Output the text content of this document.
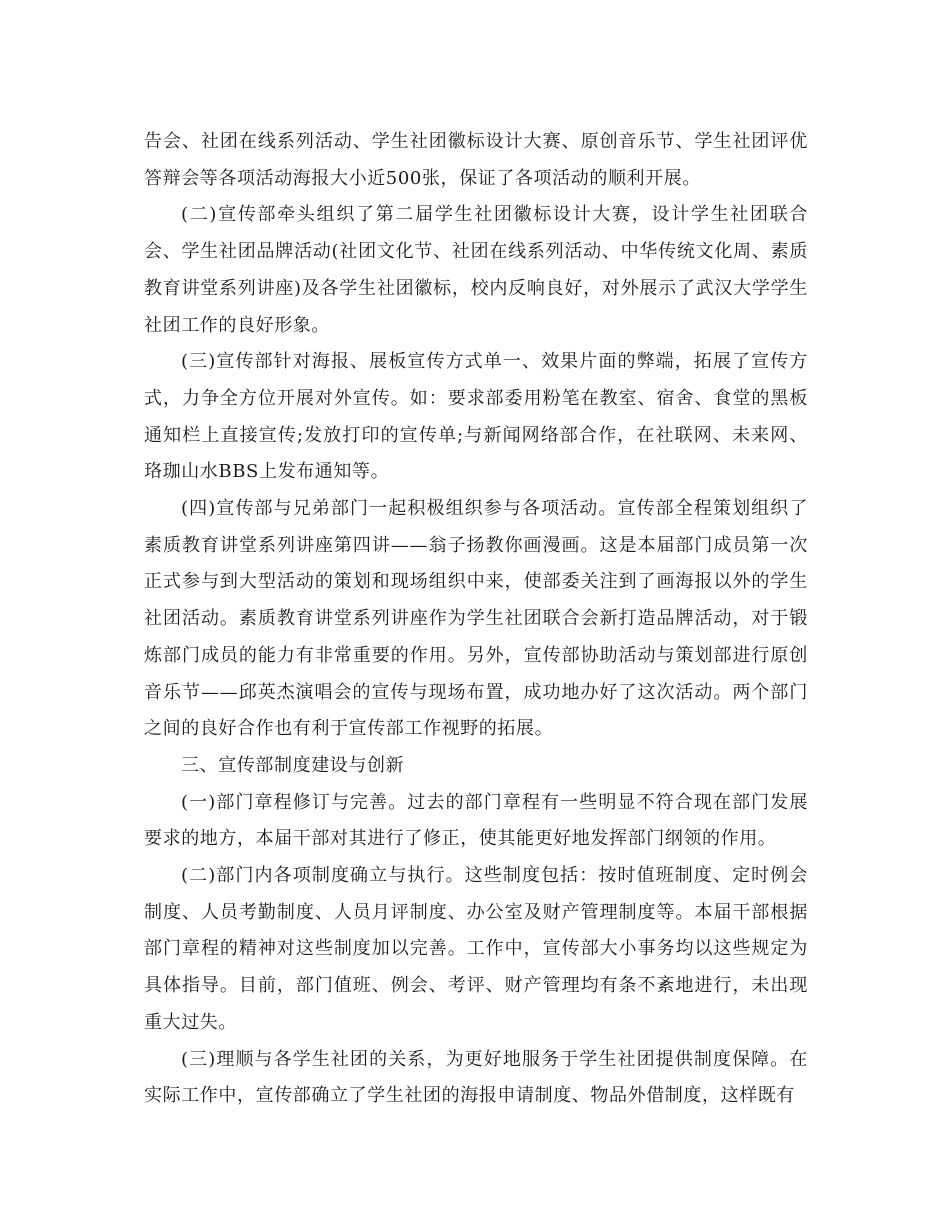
告会、社团在线系列活动、学生社团徽标设计大赛、原创音乐节、学生社团评优答辩会等各项活动海报大小近500张，保证了各项活动的顺利开展。

(二)宣传部牵头组织了第二届学生社团徽标设计大赛，设计学生社团联合会、学生社团品牌活动(社团文化节、社团在线系列活动、中华传统文化周、素质教育讲堂系列讲座)及各学生社团徽标，校内反响良好，对外展示了武汉大学学生社团工作的良好形象。

(三)宣传部针对海报、展板宣传方式单一、效果片面的弊端，拓展了宣传方式，力争全方位开展对外宣传。如：要求部委用粉笔在教室、宿舍、食堂的黑板通知栏上直接宣传;发放打印的宣传单;与新闻网络部合作，在社联网、未来网、珞珈山水BBS上发布通知等。

(四)宣传部与兄弟部门一起积极组织参与各项活动。宣传部全程策划组织了素质教育讲堂系列讲座第四讲——翁子扬教你画漫画。这是本届部门成员第一次正式参与到大型活动的策划和现场组织中来，使部委关注到了画海报以外的学生社团活动。素质教育讲堂系列讲座作为学生社团联合会新打造品牌活动，对于锻炼部门成员的能力有非常重要的作用。另外，宣传部协助活动与策划部进行原创音乐节——邱英杰演唱会的宣传与现场布置，成功地办好了这次活动。两个部门之间的良好合作也有利于宣传部工作视野的拓展。

三、宣传部制度建设与创新

(一)部门章程修订与完善。过去的部门章程有一些明显不符合现在部门发展要求的地方，本届干部对其进行了修正，使其能更好地发挥部门纲领的作用。

(二)部门内各项制度确立与执行。这些制度包括：按时值班制度、定时例会制度、人员考勤制度、人员月评制度、办公室及财产管理制度等。本届干部根据部门章程的精神对这些制度加以完善。工作中，宣传部大小事务均以这些规定为具体指导。目前，部门值班、例会、考评、财产管理均有条不紊地进行，未出现重大过失。

(三)理顺与各学生社团的关系，为更好地服务于学生社团提供制度保障。在实际工作中，宣传部确立了学生社团的海报申请制度、物品外借制度，这样既有
